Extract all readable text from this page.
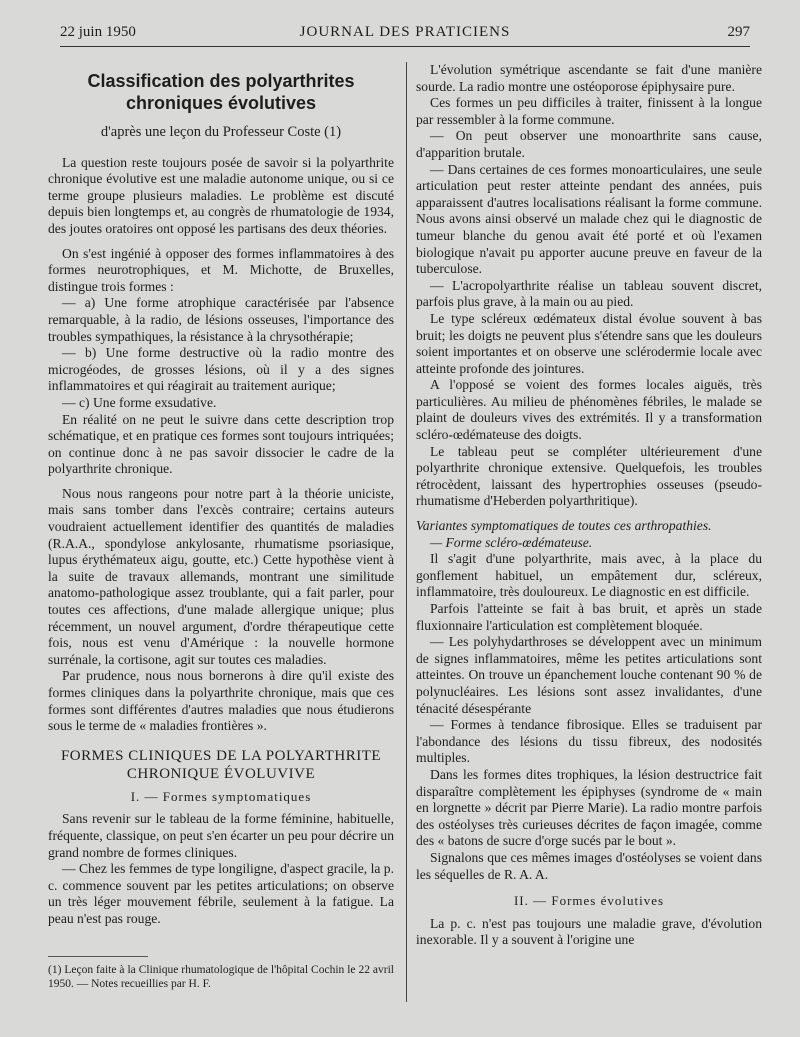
22 juin 1950	JOURNAL DES PRATICIENS	297
Classification des polyarthrites chroniques évolutives
d'après une leçon du Professeur Coste (1)

La question reste toujours posée de savoir si la polyarthrite chronique évolutive est une maladie autonome unique, ou si ce terme groupe plusieurs maladies. Le problème est discuté depuis bien longtemps et, au congrès de rhumatologie de 1934, des joutes oratoires ont opposé les partisans des deux théories.

On s'est ingénié à opposer des formes inflammatoires à des formes neurotrophiques, et M. Michotte, de Bruxelles, distingue trois formes :

— a) Une forme atrophique caractérisée par l'absence remarquable, à la radio, de lésions osseuses, l'importance des troubles sympathiques, la résistance à la chrysothérapie;

— b) Une forme destructive où la radio montre des microgéodes, de grosses lésions, où il y a des signes inflammatoires et qui réagirait au traitement aurique;

— c) Une forme exsudative.

En réalité on ne peut le suivre dans cette description trop schématique, et en pratique ces formes sont toujours intriquées; on continue donc à ne pas savoir dissocier le cadre de la polyarthrite chronique.

Nous nous rangeons pour notre part à la théorie uniciste, mais sans tomber dans l'excès contraire; certains auteurs voudraient actuellement identifier des quantités de maladies (R.A.A., spondylose ankylosante, rhumatisme psoriasique, lupus érythémateux aigu, goutte, etc.) Cette hypothèse vient à la suite de travaux allemands, montrant une similitude anatomo-pathologique assez troublante, qui a fait parler, pour toutes ces affections, d'une malade allergique unique; plus récemment, un nouvel argument, d'ordre thérapeutique cette fois, nous est venu d'Amérique : la nouvelle hormone surrénale, la cortisone, agit sur toutes ces maladies.

Par prudence, nous nous bornerons à dire qu'il existe des formes cliniques dans la polyarthrite chronique, mais que ces formes sont différentes d'autres maladies que nous étudierons sous le terme de « maladies frontières ».

FORMES CLINIQUES DE LA POLYARTHRITE CHRONIQUE ÉVOLUVIVE
I. — Formes symptomatiques

Sans revenir sur le tableau de la forme féminine, habituelle, fréquente, classique, on peut s'en écarter un peu pour décrire un grand nombre de formes cliniques.

— Chez les femmes de type longiligne, d'aspect gracile, la p. c. commence souvent par les petites articulations; on observe un très léger mouvement fébrile, seulement à la fatigue. La peau n'est pas rouge.

(1) Leçon faite à la Clinique rhumatologique de l'hôpital Cochin le 22 avril 1950. — Notes recueillies par H. F.

L'évolution symétrique ascendante se fait d'une manière sourde. La radio montre une ostéoporose épiphysaire pure.

Ces formes un peu difficiles à traiter, finissent à la longue par ressembler à la forme commune.

— On peut observer une monoarthrite sans cause, d'apparition brutale.

— Dans certaines de ces formes monoarticulaires, une seule articulation peut rester atteinte pendant des années, puis apparaissent d'autres localisations réalisant la forme commune. Nous avons ainsi observé un malade chez qui le diagnostic de tumeur blanche du genou avait été porté et où l'examen biologique n'avait pu apporter aucune preuve en faveur de la tuberculose.

— L'acropolyarthrite réalise un tableau souvent discret, parfois plus grave, à la main ou au pied.

Le type scléreux œdémateux distal évolue souvent à bas bruit; les doigts ne peuvent plus s'étendre sans que les douleurs soient importantes et on observe une sclérodermie locale avec atteinte profonde des jointures.

A l'opposé se voient des formes locales aiguës, très particulières. Au milieu de phénomènes fébriles, le malade se plaint de douleurs vives des extrémités. Il y a transformation scléro-œdémateuse des doigts.

Le tableau peut se compléter ultérieurement d'une polyarthrite chronique extensive. Quelquefois, les troubles rétrocèdent, laissant des hypertrophies osseuses (pseudo-rhumatisme d'Heberden polyarthritique).

Variantes symptomatiques de toutes ces arthropathies.

— Forme scléro-œdémateuse.

Il s'agit d'une polyarthrite, mais avec, à la place du gonflement habituel, un empâtement dur, scléreux, inflammatoire, très douloureux. Le diagnostic en est difficile.

Parfois l'atteinte se fait à bas bruit, et après un stade fluxionnaire l'articulation est complètement bloquée.

— Les polyhydarthroses se développent avec un minimum de signes inflammatoires, même les petites articulations sont atteintes. On trouve un épanchement louche contenant 90 % de polynucléaires. Les lésions sont assez invalidantes, d'une ténacité désespérante

— Formes à tendance fibrosique. Elles se traduisent par l'abondance des lésions du tissu fibreux, des nodosités multiples.

Dans les formes dites trophiques, la lésion destructrice fait disparaître complètement les épiphyses (syndrome de « main en lorgnette » décrit par Pierre Marie). La radio montre parfois des ostéolyses très curieuses décrites de façon imagée, comme des « batons de sucre d'orge sucés par le bout ».

Signalons que ces mêmes images d'ostéolyses se voient dans les séquelles de R. A. A.

II. — Formes évolutives

La p. c. n'est pas toujours une maladie grave, d'évolution inexorable. Il y a souvent à l'origine une
